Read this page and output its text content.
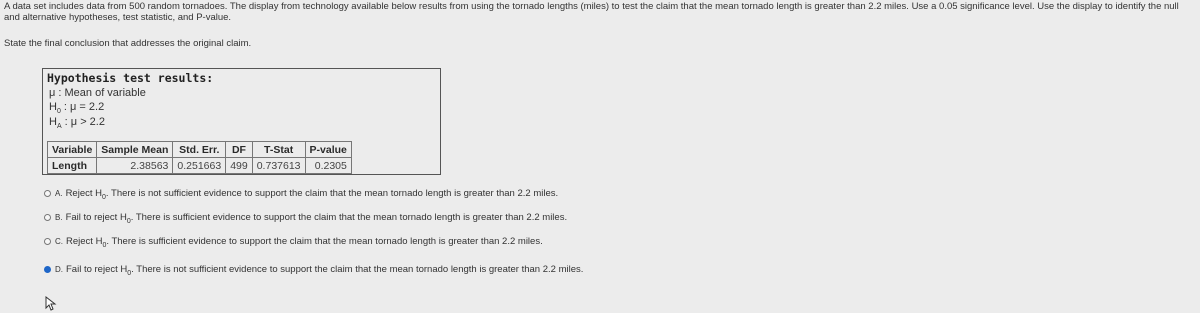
A data set includes data from 500 random tornadoes. The display from technology available below results from using the tornado lengths (miles) to test the claim that the mean tornado length is greater than 2.2 miles. Use a 0.05 significance level. Use the display to identify the null and alternative hypotheses, test statistic, and P-value.
State the final conclusion that addresses the original claim.
Hypothesis test results:
μ : Mean of variable
$H_0$ : μ = 2.2
$H_A$ : μ > 2.2
Variable	Sample Mean	Std. Err.	DF	T-Stat	P-value
Length	2.38563	0.251663	499	0.737613	0.2305
A. Reject $H_0$. There is not sufficient evidence to support the claim that the mean tornado length is greater than 2.2 miles.
B. Fail to reject $H_0$. There is sufficient evidence to support the claim that the mean tornado length is greater than 2.2 miles.
C. Reject $H_0$. There is sufficient evidence to support the claim that the mean tornado length is greater than 2.2 miles.
D. Fail to reject $H_0$. There is not sufficient evidence to support the claim that the mean tornado length is greater than 2.2 miles.
